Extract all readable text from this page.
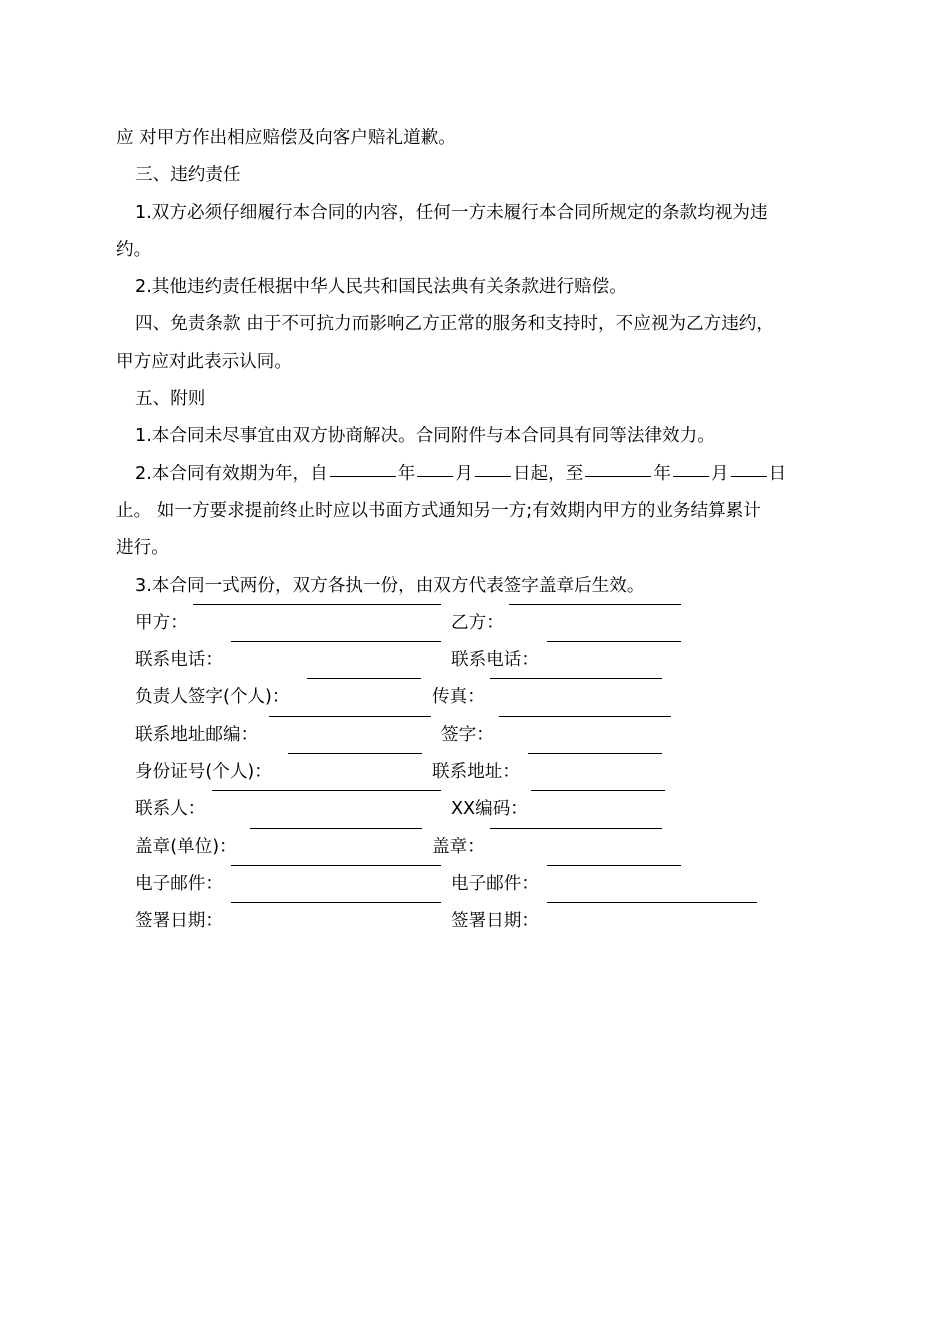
应 对甲方作出相应赔偿及向客户赔礼道歉。

三、违约责任

1.双方必须仔细履行本合同的内容，任何一方未履行本合同所规定的条款均视为违

约。

2.其他违约责任根据中华人民共和国民法典有关条款进行赔偿。

四、免责条款 由于不可抗力而影响乙方正常的服务和支持时，不应视为乙方违约，

甲方应对此表示认同。

五、附则

1.本合同未尽事宜由双方协商解决。合同附件与本合同具有同等法律效力。

2.本合同有效期为年，自	年 月 日起，至	年 月 日

止。 如一方要求提前终止时应以书面方式通知另一方;有效期内甲方的业务结算累计

进行。

3.本合同一式两份，双方各执一份，由双方代表签字盖章后生效。

甲方：	乙方：
联系电话：	联系电话：
负责人签字(个人)：	传真：
联系地址邮编：	签字：
身份证号(个人)：	联系地址：
联系人：	XX编码：
盖章(单位)：	盖章：
电子邮件：	电子邮件：
签署日期：	签署日期：
